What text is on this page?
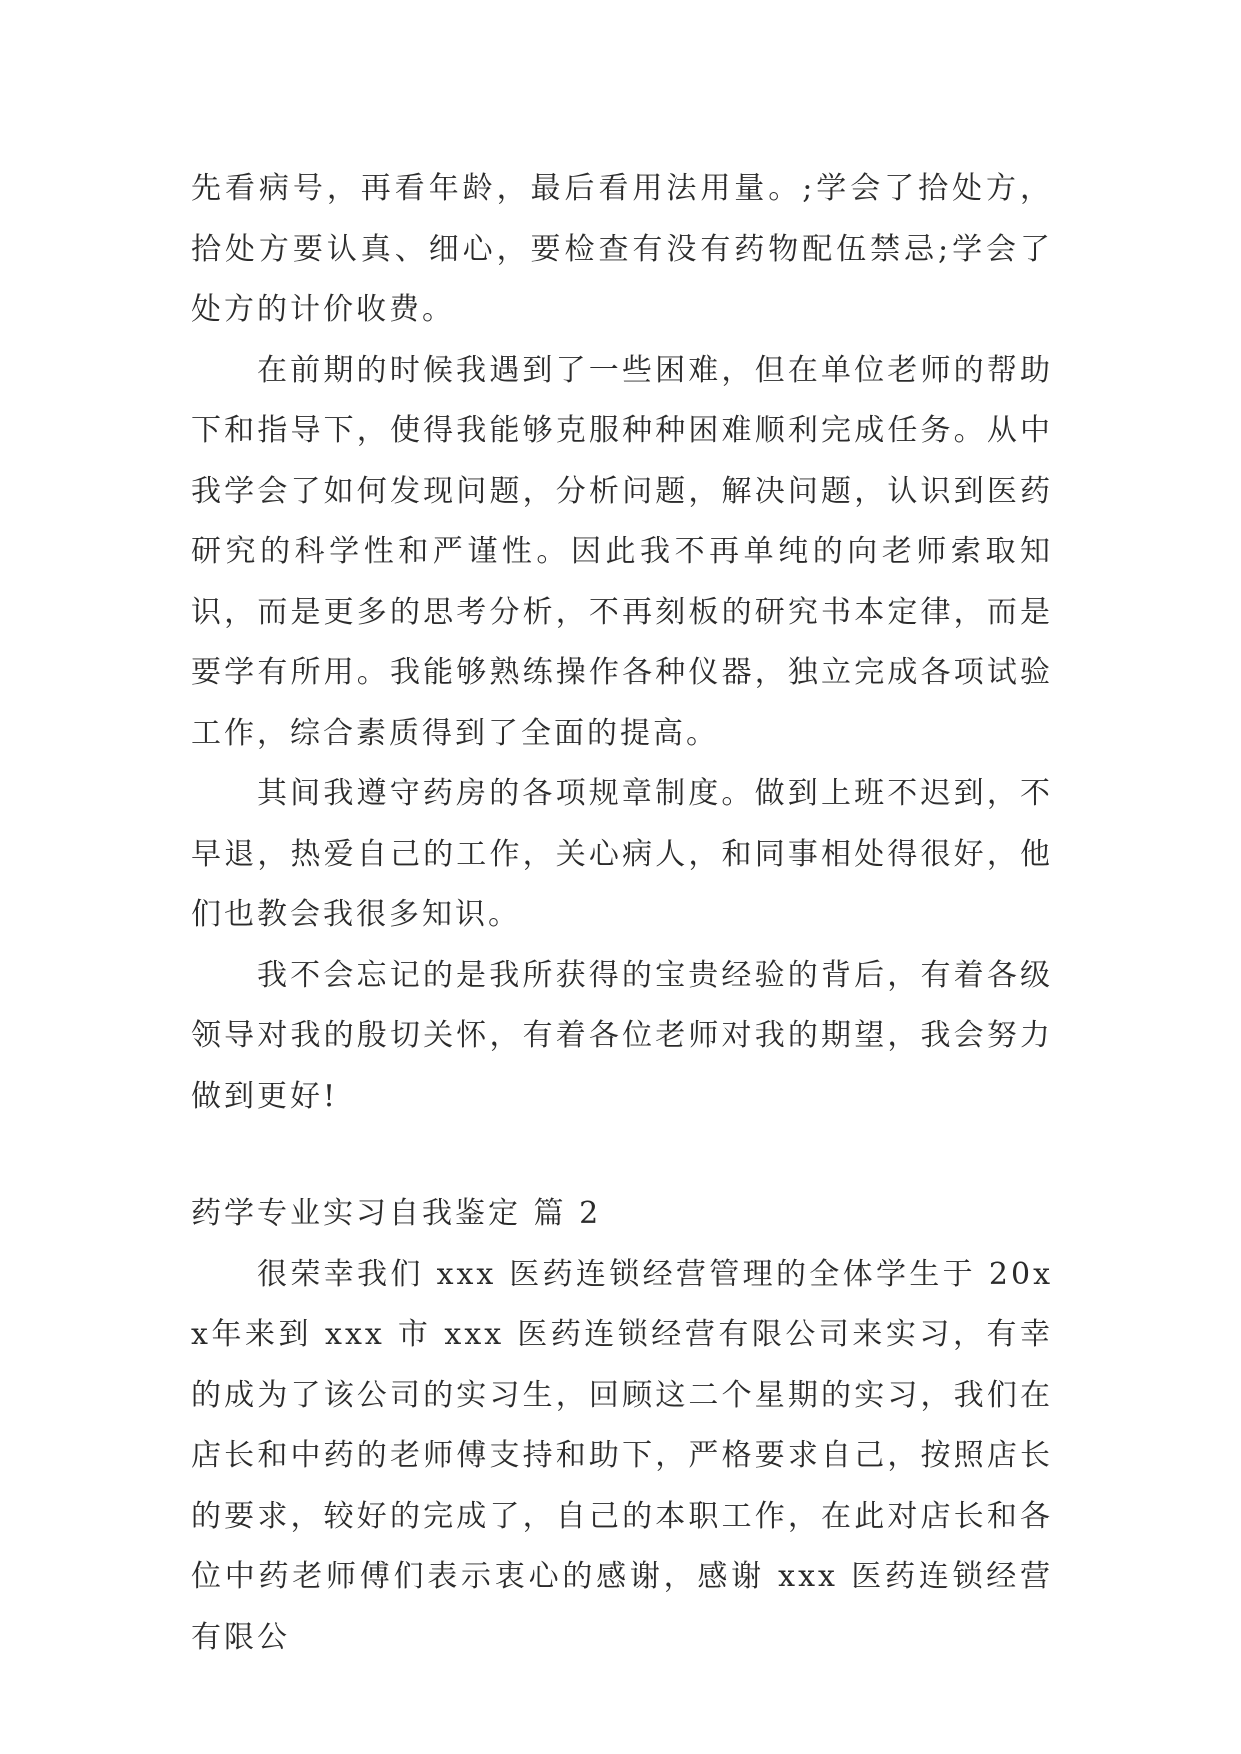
先看病号，再看年龄，最后看用法用量。;学会了拾处方，拾处方要认真、细心，要检查有没有药物配伍禁忌;学会了处方的计价收费。
在前期的时候我遇到了一些困难，但在单位老师的帮助下和指导下，使得我能够克服种种困难顺利完成任务。从中我学会了如何发现问题，分析问题，解决问题，认识到医药研究的科学性和严谨性。因此我不再单纯的向老师索取知识，而是更多的思考分析，不再刻板的研究书本定律，而是要学有所用。我能够熟练操作各种仪器，独立完成各项试验工作，综合素质得到了全面的提高。
其间我遵守药房的各项规章制度。做到上班不迟到，不早退，热爱自己的工作，关心病人，和同事相处得很好，他们也教会我很多知识。
我不会忘记的是我所获得的宝贵经验的背后，有着各级领导对我的殷切关怀，有着各位老师对我的期望，我会努力做到更好!
药学专业实习自我鉴定 篇 2
很荣幸我们 xxx 医药连锁经营管理的全体学生于 20xx年来到 xxx 市 xxx 医药连锁经营有限公司来实习，有幸的成为了该公司的实习生，回顾这二个星期的实习，我们在店长和中药的老师傅支持和助下，严格要求自己，按照店长的要求，较好的完成了，自己的本职工作，在此对店长和各位中药老师傅们表示衷心的感谢，感谢 xxx 医药连锁经营有限公
